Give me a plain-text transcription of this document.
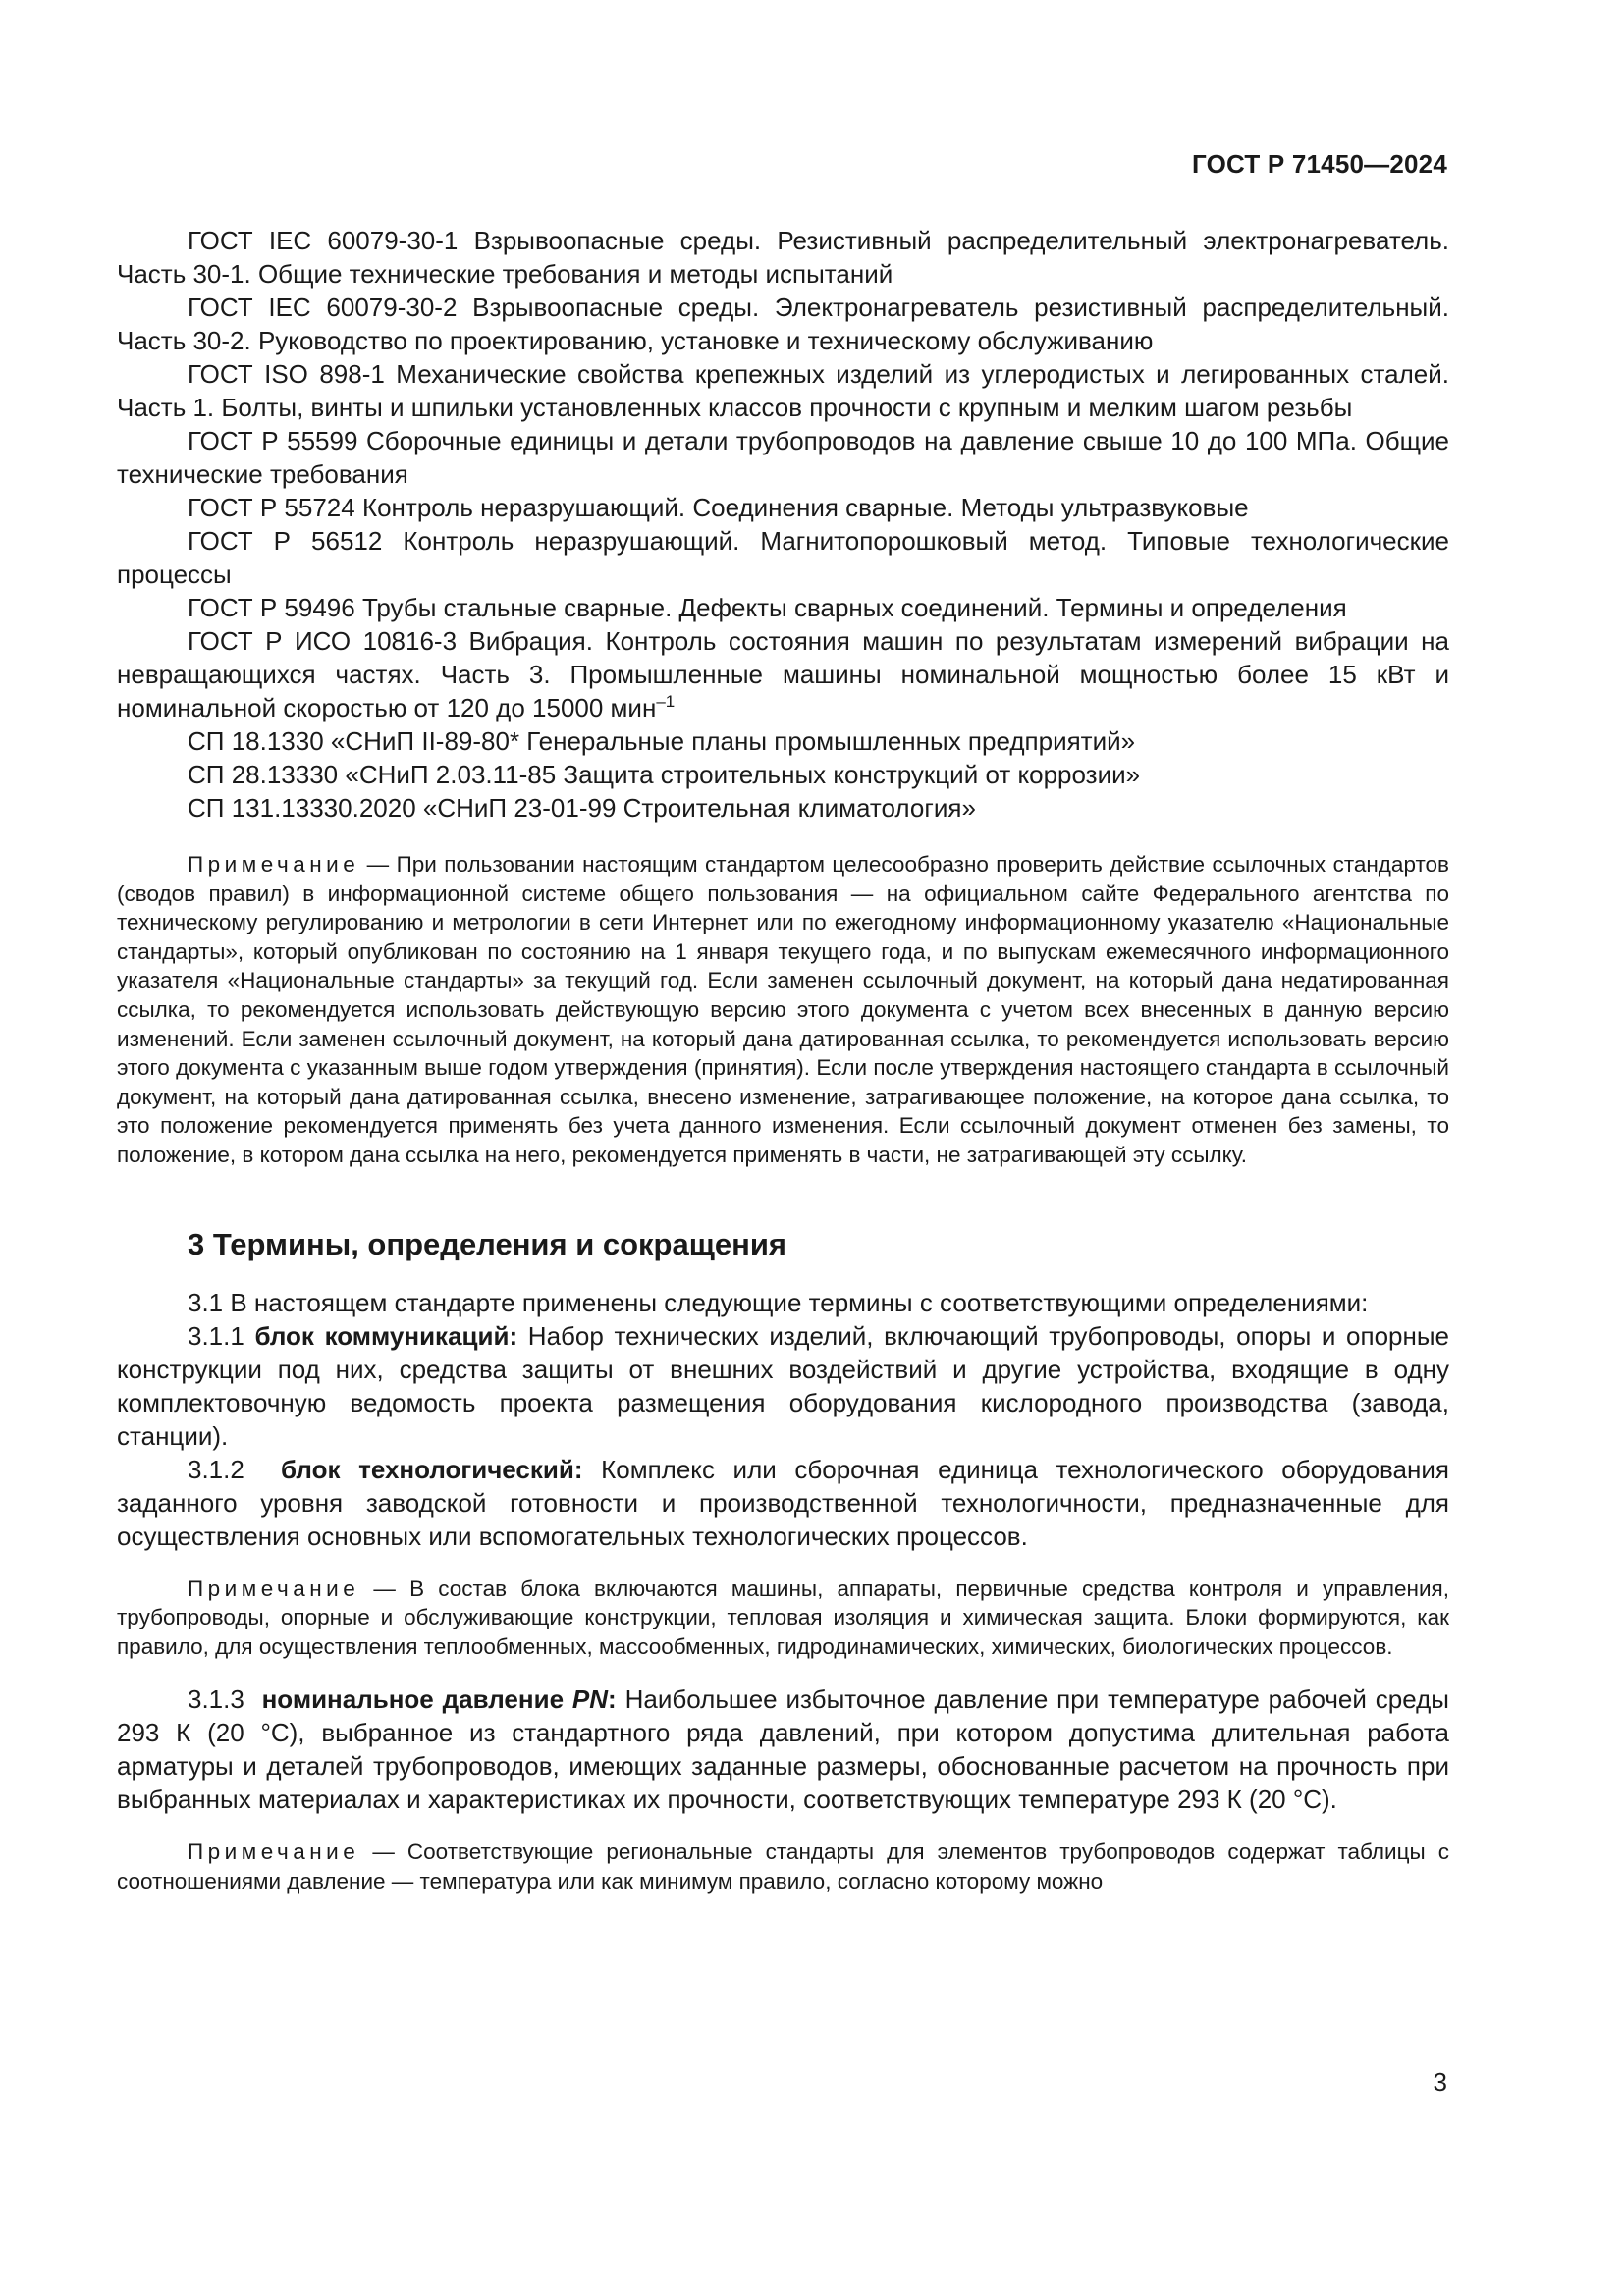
ГОСТ Р 71450—2024

ГОСТ IEC 60079-30-1 Взрывоопасные среды. Резистивный распределительный электронагреватель. Часть 30-1. Общие технические требования и методы испытаний

ГОСТ IEC 60079-30-2 Взрывоопасные среды. Электронагреватель резистивный распределительный. Часть 30-2. Руководство по проектированию, установке и техническому обслуживанию

ГОСТ ISO 898-1 Механические свойства крепежных изделий из углеродистых и легированных сталей. Часть 1. Болты, винты и шпильки установленных классов прочности с крупным и мелким шагом резьбы

ГОСТ Р 55599 Сборочные единицы и детали трубопроводов на давление свыше 10 до 100 МПа. Общие технические требования

ГОСТ Р 55724 Контроль неразрушающий. Соединения сварные. Методы ультразвуковые

ГОСТ Р 56512 Контроль неразрушающий. Магнитопорошковый метод. Типовые технологические процессы

ГОСТ Р 59496 Трубы стальные сварные. Дефекты сварных соединений. Термины и определения

ГОСТ Р ИСО 10816-3 Вибрация. Контроль состояния машин по результатам измерений вибрации на невращающихся частях. Часть 3. Промышленные машины номинальной мощностью более 15 кВт и номинальной скоростью от 120 до 15000 мин$^{-1}$

СП 18.1330 «СНиП II-89-80* Генеральные планы промышленных предприятий»

СП 28.13330 «СНиП 2.03.11-85 Защита строительных конструкций от коррозии»

СП 131.13330.2020 «СНиП 23-01-99 Строительная климатология»

Примечание — При пользовании настоящим стандартом целесообразно проверить действие ссылочных стандартов (сводов правил) в информационной системе общего пользования — на официальном сайте Федерального агентства по техническому регулированию и метрологии в сети Интернет или по ежегодному информационному указателю «Национальные стандарты», который опубликован по состоянию на 1 января текущего года, и по выпускам ежемесячного информационного указателя «Национальные стандарты» за текущий год. Если заменен ссылочный документ, на который дана недатированная ссылка, то рекомендуется использовать действующую версию этого документа с учетом всех внесенных в данную версию изменений. Если заменен ссылочный документ, на который дана датированная ссылка, то рекомендуется использовать версию этого документа с указанным выше годом утверждения (принятия). Если после утверждения настоящего стандарта в ссылочный документ, на который дана датированная ссылка, внесено изменение, затрагивающее положение, на которое дана ссылка, то это положение рекомендуется применять без учета данного изменения. Если ссылочный документ отменен без замены, то положение, в котором дана ссылка на него, рекомендуется применять в части, не затрагивающей эту ссылку.

3 Термины, определения и сокращения

3.1 В настоящем стандарте применены следующие термины с соответствующими определениями:

3.1.1 блок коммуникаций: Набор технических изделий, включающий трубопроводы, опоры и опорные конструкции под них, средства защиты от внешних воздействий и другие устройства, входящие в одну комплектовочную ведомость проекта размещения оборудования кислородного производства (завода, станции).

3.1.2 блок технологический: Комплекс или сборочная единица технологического оборудования заданного уровня заводской готовности и производственной технологичности, предназначенные для осуществления основных или вспомогательных технологических процессов.

Примечание — В состав блока включаются машины, аппараты, первичные средства контроля и управления, трубопроводы, опорные и обслуживающие конструкции, тепловая изоляция и химическая защита. Блоки формируются, как правило, для осуществления теплообменных, массообменных, гидродинамических, химических, биологических процессов.

3.1.3 номинальное давление PN: Наибольшее избыточное давление при температуре рабочей среды 293 К (20 °С), выбранное из стандартного ряда давлений, при котором допустима длительная работа арматуры и деталей трубопроводов, имеющих заданные размеры, обоснованные расчетом на прочность при выбранных материалах и характеристиках их прочности, соответствующих температуре 293 К (20 °С).

Примечание — Соответствующие региональные стандарты для элементов трубопроводов содержат таблицы с соотношениями давление — температура или как минимум правило, согласно которому можно

3
